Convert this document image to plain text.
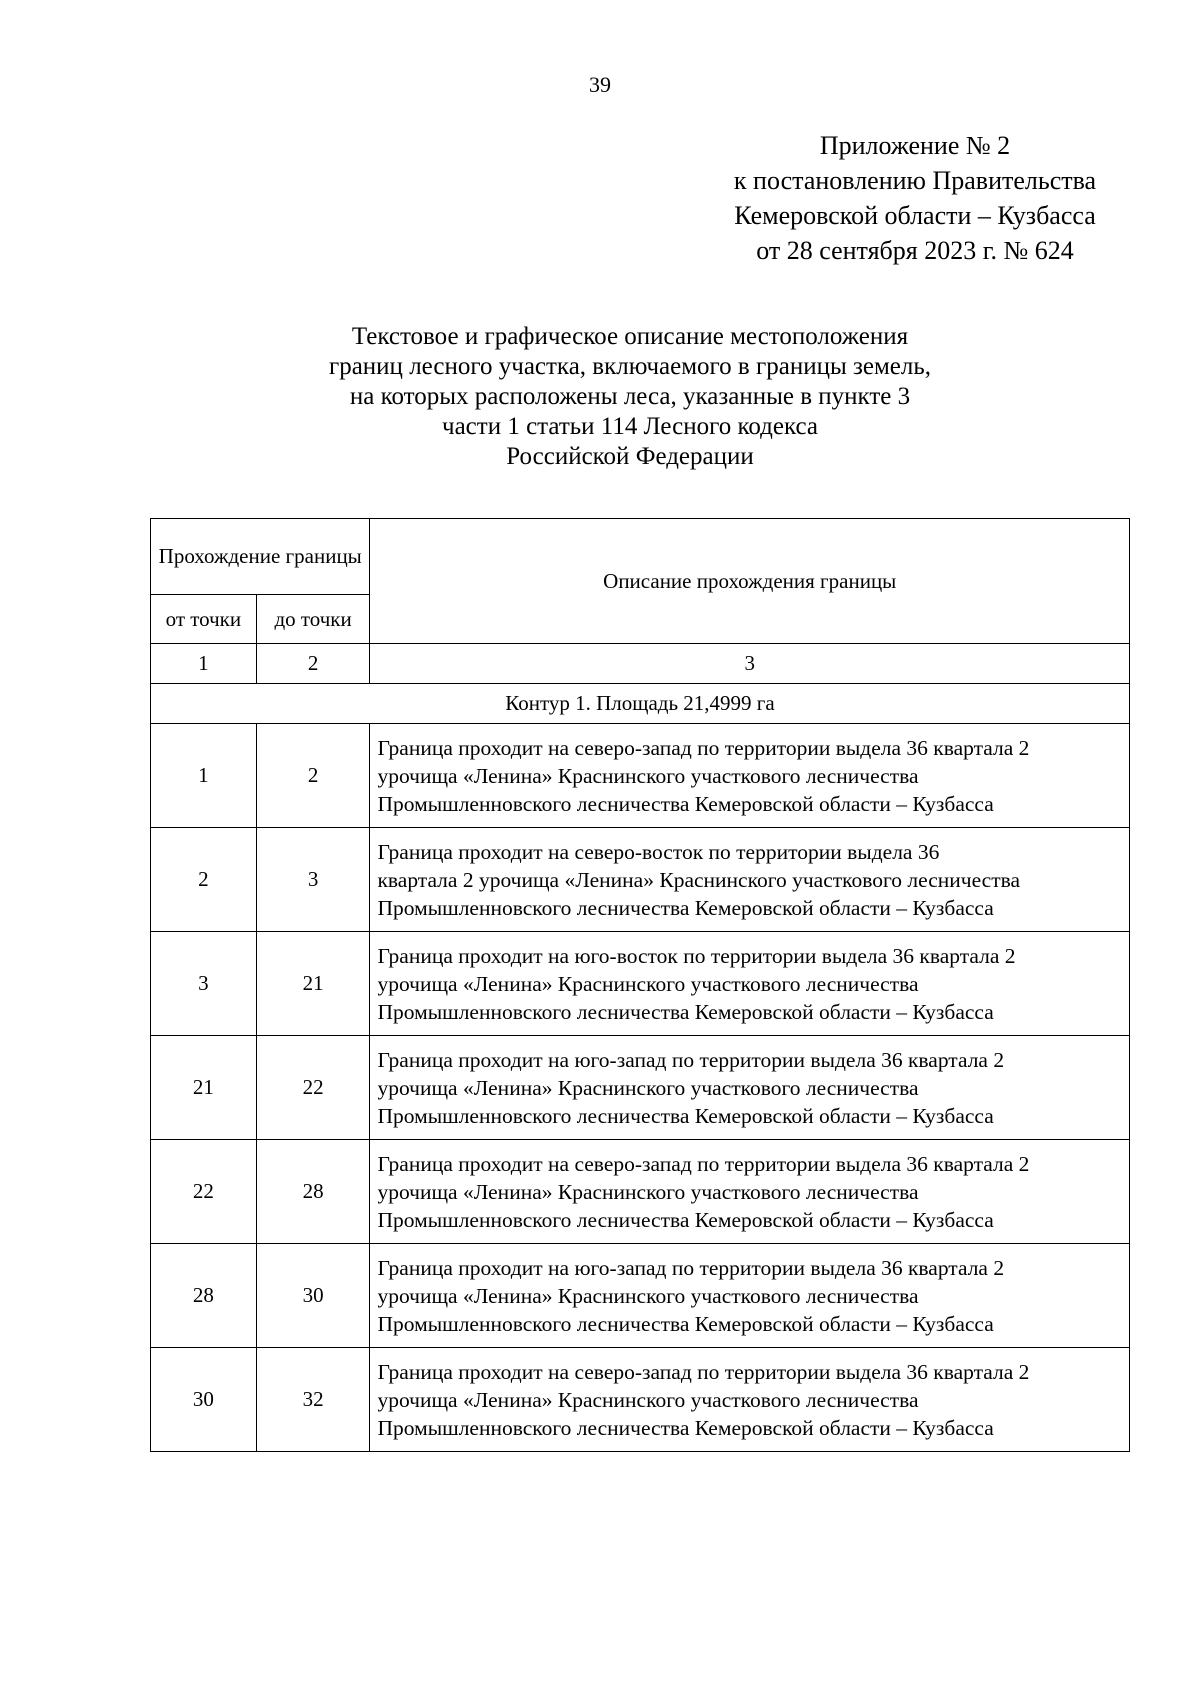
39
Приложение № 2
к постановлению Правительства
Кемеровской области – Кузбасса
от 28 сентября 2023 г. № 624
Текстовое и графическое описание местоположения
границ лесного участка, включаемого в границы земель,
на которых расположены леса, указанные в пункте 3
части 1 статьи 114 Лесного кодекса
Российской Федерации
Прохождение границы		Описание прохождения границы
от точки	до точки	
1	2	3
Контур 1. Площадь 21,4999 га		
1	2	Граница проходит на северо-запад по территории выдела 36 квартала 2
урочища «Ленина» Краснинского участкового лесничества
Промышленновского лесничества Кемеровской области – Кузбасса

2	3	Граница проходит на северо-восток по территории выдела 36
квартала 2 урочища «Ленина» Краснинского участкового лесничества
Промышленновского лесничества Кемеровской области – Кузбасса

3	21	Граница проходит на юго-восток по территории выдела 36 квартала 2
урочища «Ленина» Краснинского участкового лесничества
Промышленновского лесничества Кемеровской области – Кузбасса

21	22	Граница проходит на юго-запад по территории выдела 36 квартала 2
урочища «Ленина» Краснинского участкового лесничества
Промышленновского лесничества Кемеровской области – Кузбасса

22	28	Граница проходит на северо-запад по территории выдела 36 квартала 2
урочища «Ленина» Краснинского участкового лесничества
Промышленновского лесничества Кемеровской области – Кузбасса

28	30	Граница проходит на юго-запад по территории выдела 36 квартала 2
урочища «Ленина» Краснинского участкового лесничества
Промышленновского лесничества Кемеровской области – Кузбасса

30	32	Граница проходит на северо-запад по территории выдела 36 квартала 2
урочища «Ленина» Краснинского участкового лесничества
Промышленновского лесничества Кемеровской области – Кузбасса
